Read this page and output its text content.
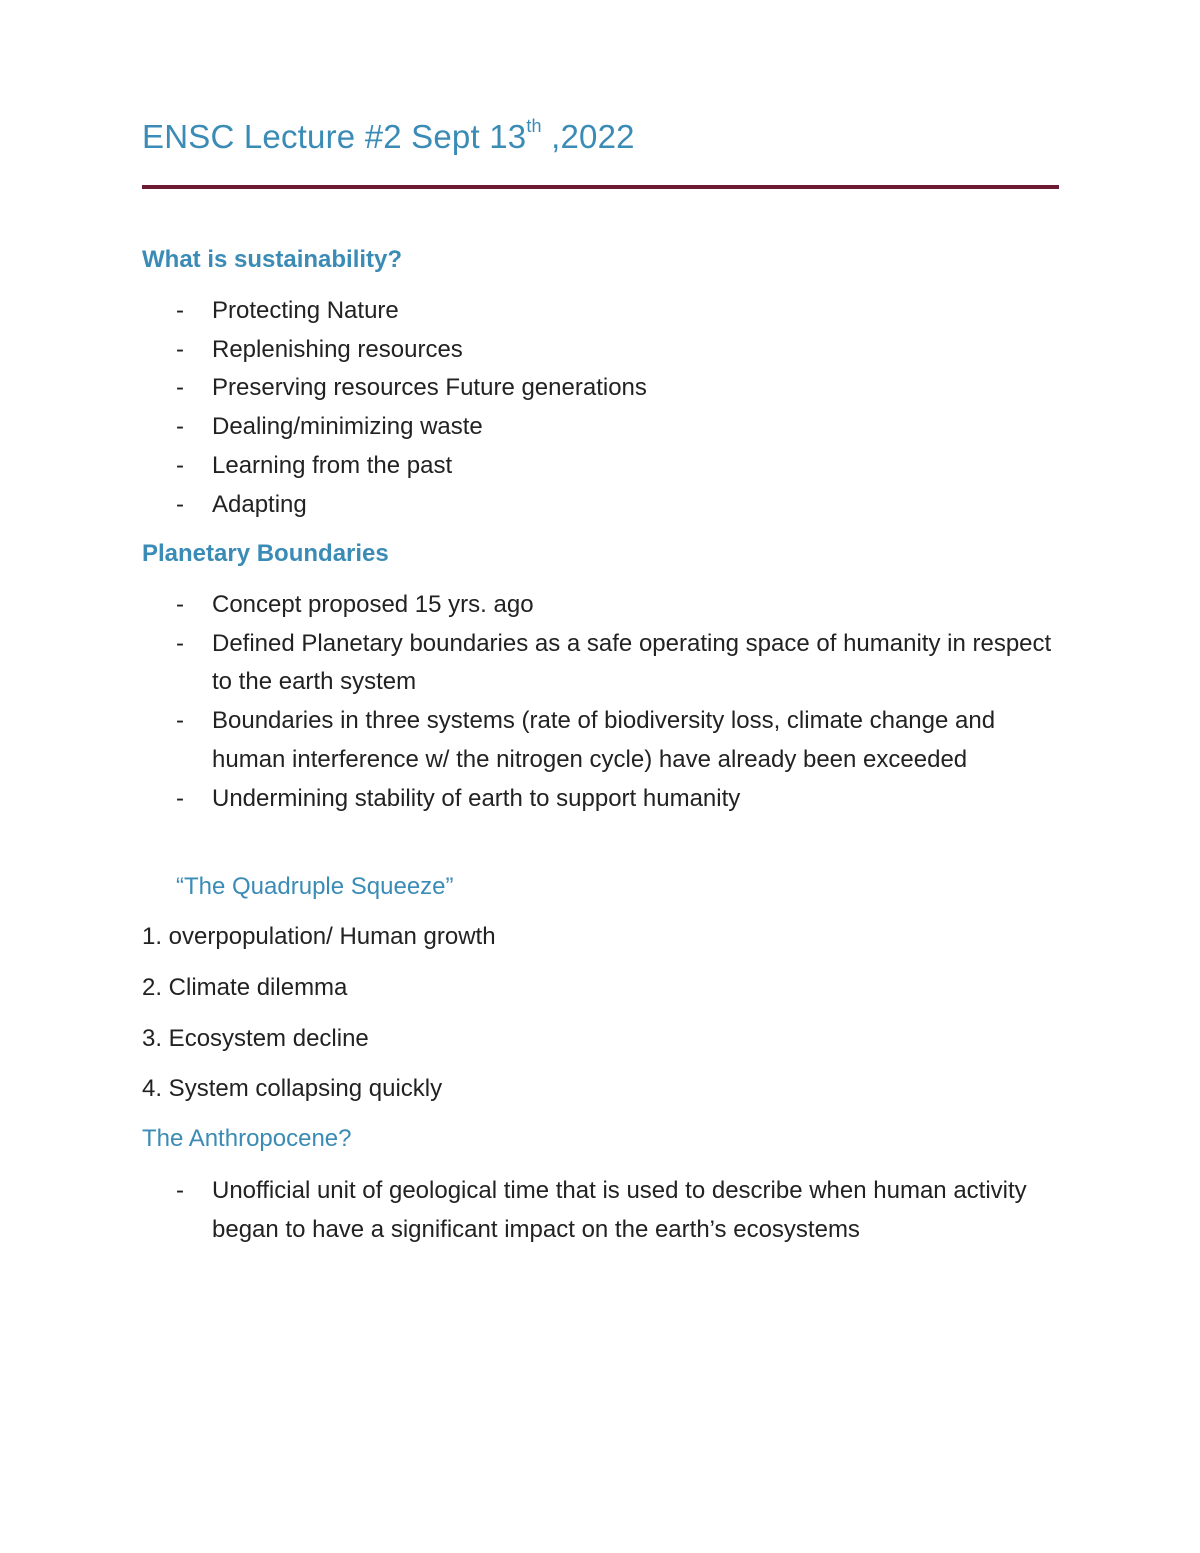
ENSC Lecture #2 Sept 13th ,2022
What is sustainability?
- Protecting Nature
- Replenishing resources
- Preserving resources Future generations
- Dealing/minimizing waste
- Learning from the past
- Adapting
Planetary Boundaries
- Concept proposed 15 yrs. ago
- Defined Planetary boundaries as a safe operating space of humanity in respect to the earth system
- Boundaries in three systems (rate of biodiversity loss, climate change and human interference w/ the nitrogen cycle) have already been exceeded
- Undermining stability of earth to support humanity
“The Quadruple Squeeze”
1. overpopulation/ Human growth
2. Climate dilemma
3. Ecosystem decline
4. System collapsing quickly
The Anthropocene?
- Unofficial unit of geological time that is used to describe when human activity began to have a significant impact on the earth’s ecosystems
